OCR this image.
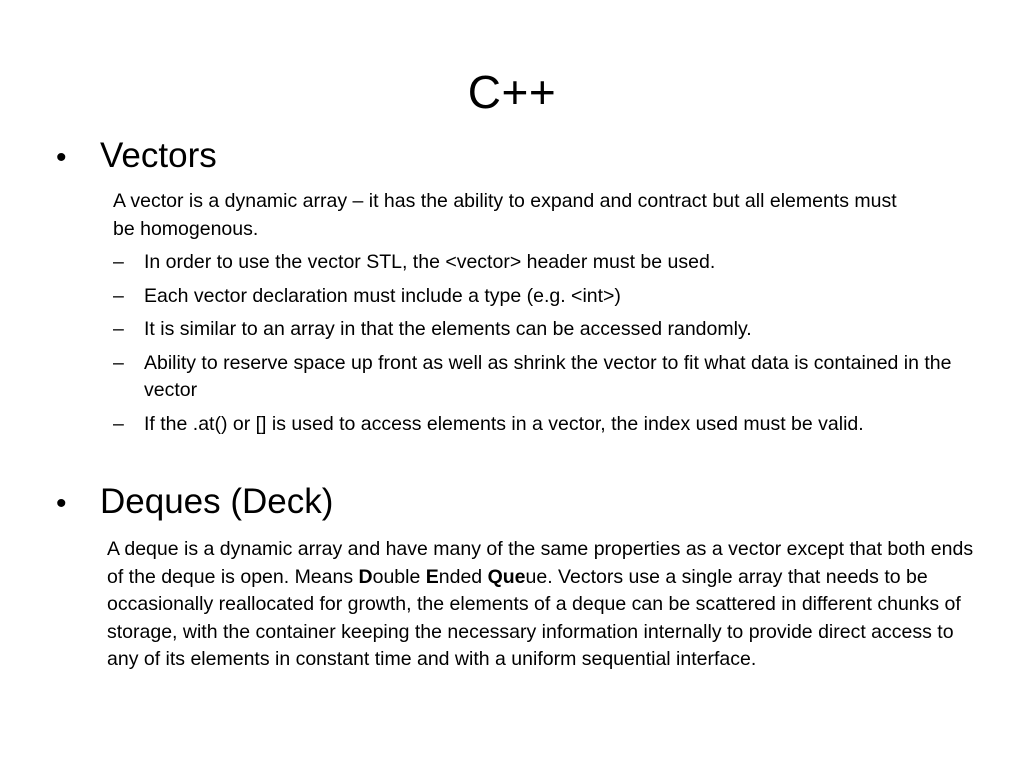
C++
• Vectors
A vector is a dynamic array – it has the ability to expand and contract but all elements must be homogenous.
–	In order to use the vector STL, the <vector> header must be used.
–	Each vector declaration must include a type (e.g. <int>)
–	It is similar to an array in that the elements can be accessed randomly.
–	Ability to reserve space up front as well as shrink the vector to fit what data is contained in the vector
–	If the .at() or [] is used to access elements in a vector, the index used must be valid.
• Deques (Deck)
A deque is a dynamic array and have many of the same properties as a vector except that both ends of the deque is open. Means Double Ended Queue. Vectors use a single array that needs to be occasionally reallocated for growth, the elements of a deque can be scattered in different chunks of storage, with the container keeping the necessary information internally to provide direct access to any of its elements in constant time and with a uniform sequential interface.
